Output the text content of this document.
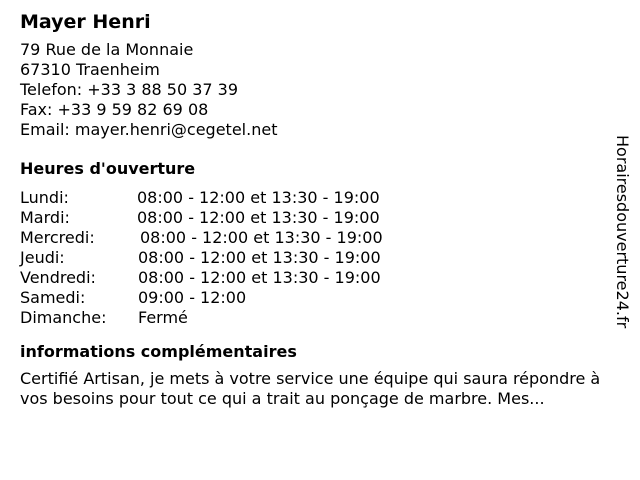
Mayer Henri
79 Rue de la Monnaie
67310 Traenheim
Telefon: +33 3 88 50 37 39
Fax: +33 9 59 82 69 08
Email: mayer.henri@cegetel.net
Heures d'ouverture
Lundi:	08:00 - 12:00 et 13:30 - 19:00
Mardi:	08:00 - 12:00 et 13:30 - 19:00
Mercredi:	08:00 - 12:00 et 13:30 - 19:00
Jeudi:	08:00 - 12:00 et 13:30 - 19:00
Vendredi:	08:00 - 12:00 et 13:30 - 19:00
Samedi:	09:00 - 12:00
Dimanche:	Fermé
informations complémentaires
Certifié Artisan, je mets à votre service une équipe qui saura répondre à vos besoins pour tout ce qui a trait au ponçage de marbre. Mes...
Horairesdouverture24.fr
